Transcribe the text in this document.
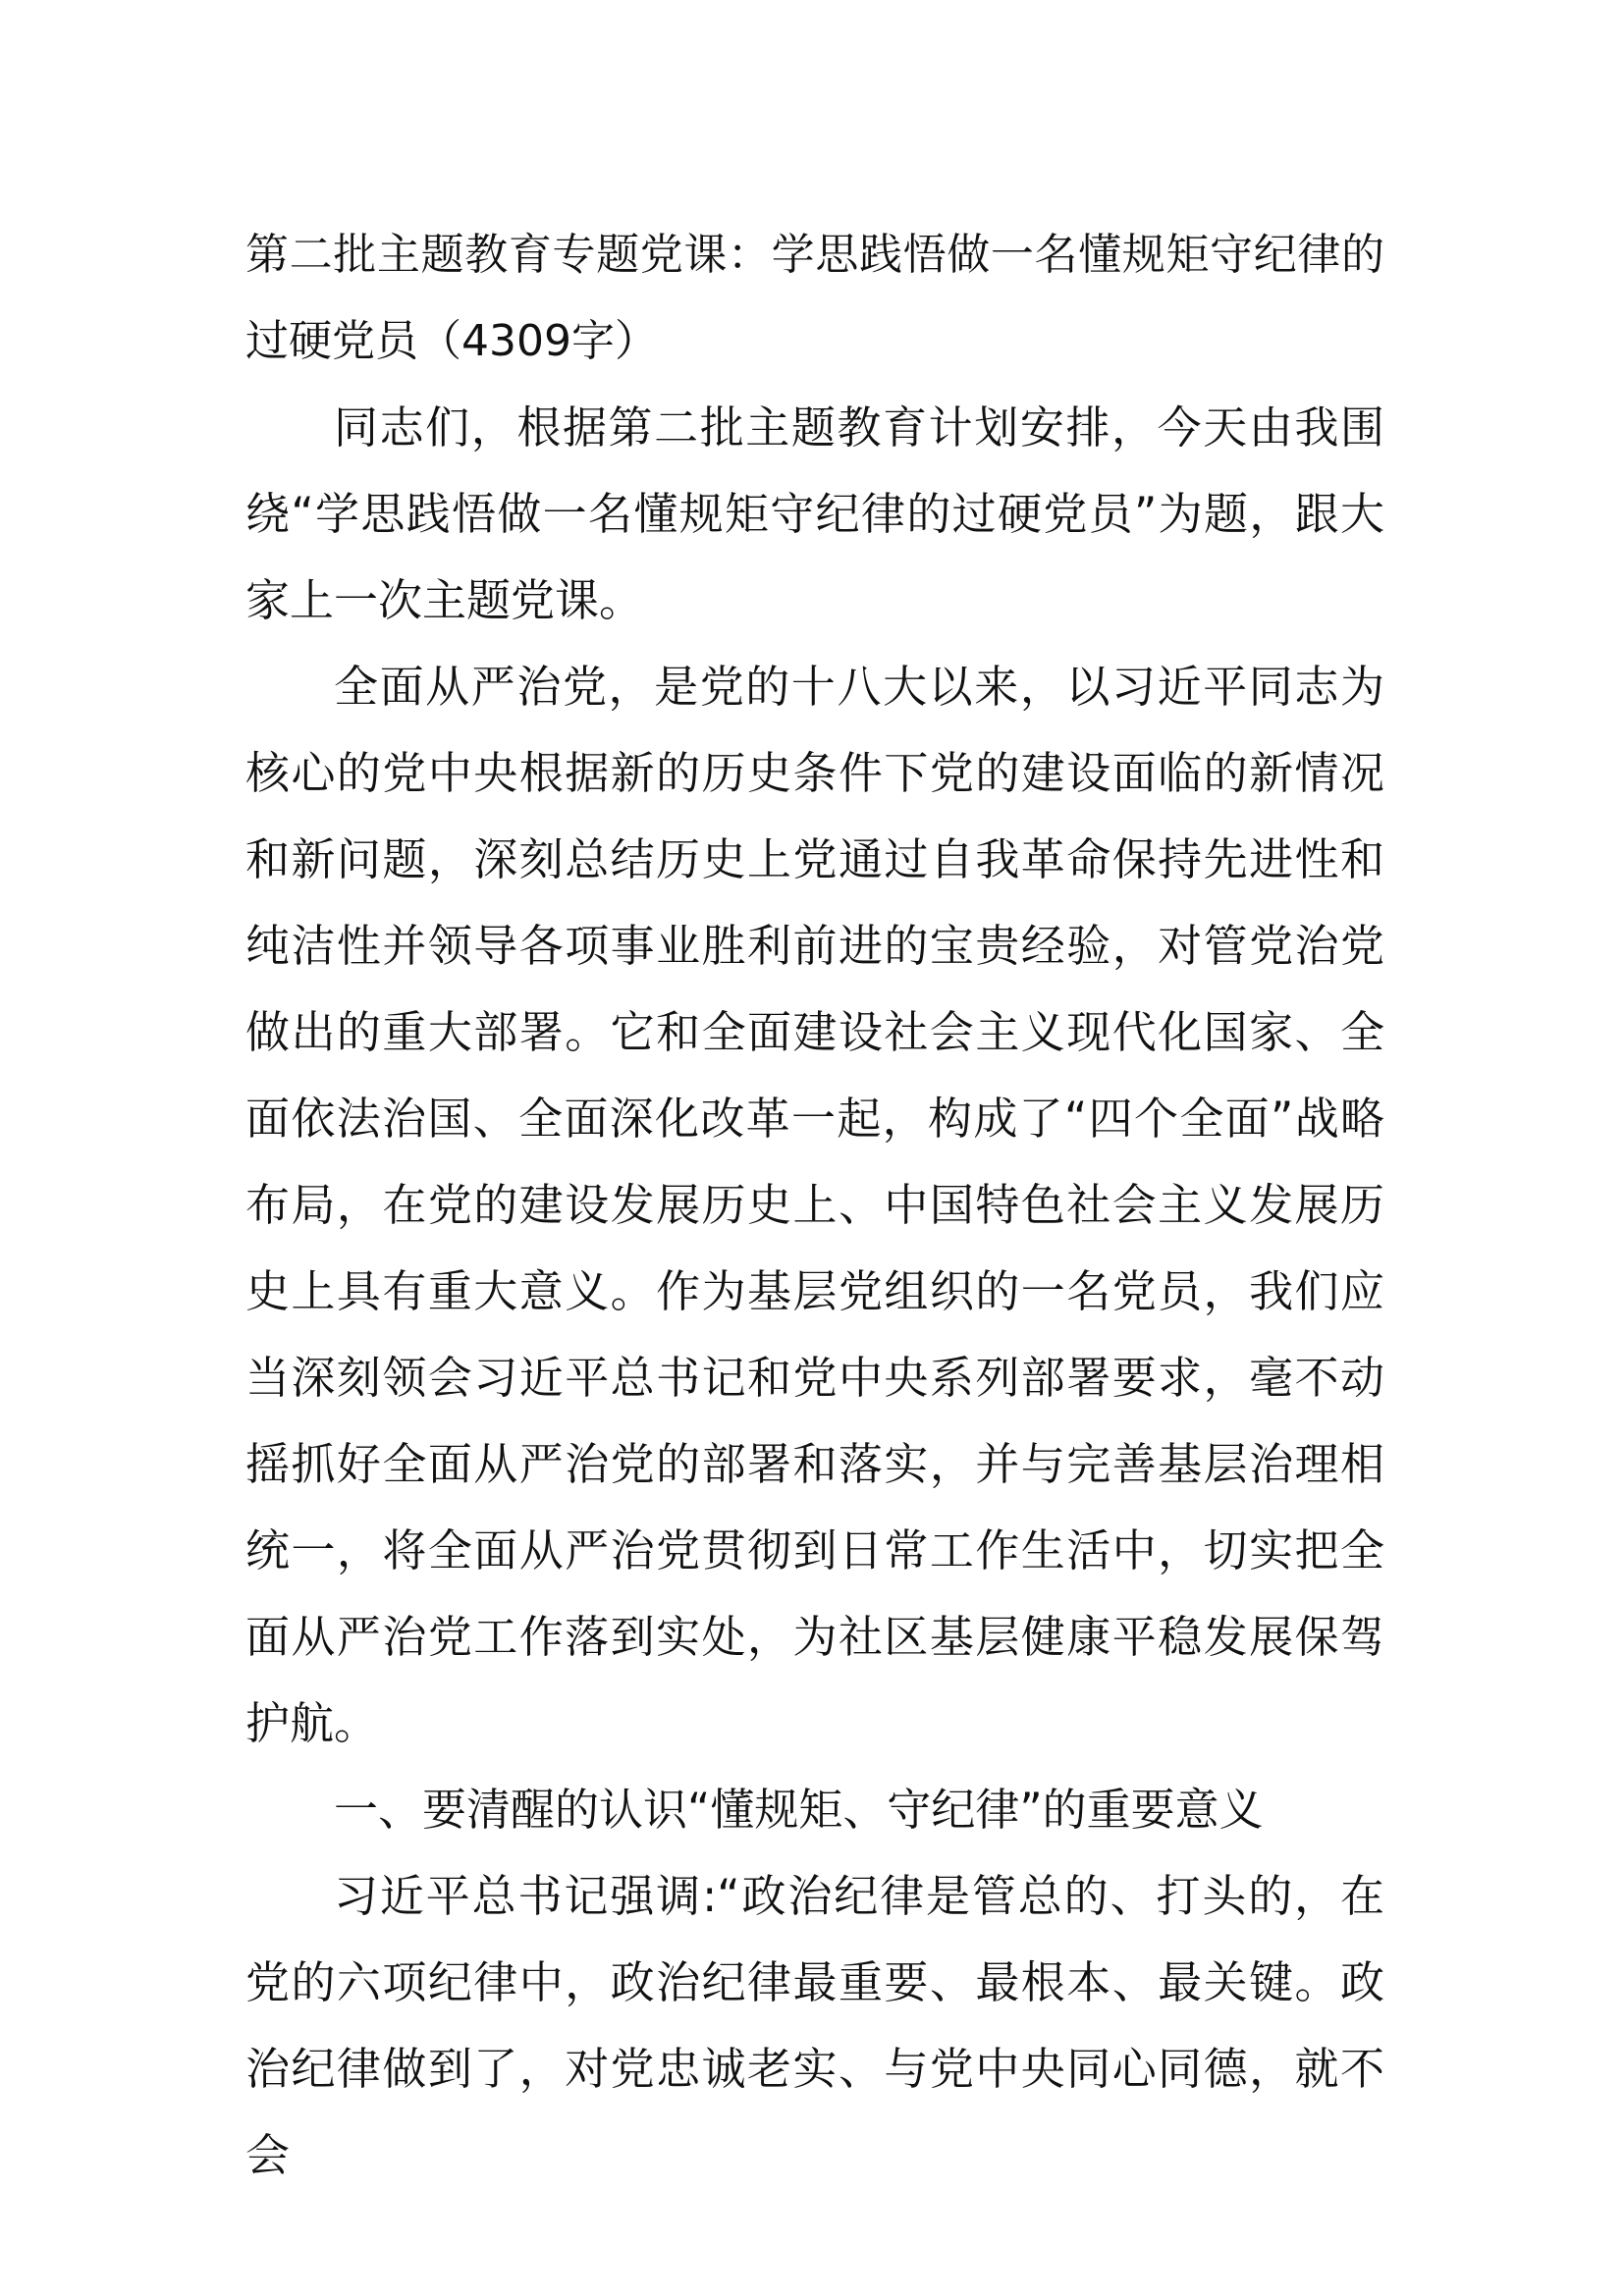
第二批主题教育专题党课：学思践悟做一名懂规矩守纪律的过硬党员（4309字）

同志们，根据第二批主题教育计划安排，今天由我围绕“学思践悟做一名懂规矩守纪律的过硬党员”为题，跟大家上一次主题党课。

全面从严治党，是党的十八大以来，以习近平同志为核心的党中央根据新的历史条件下党的建设面临的新情况和新问题，深刻总结历史上党通过自我革命保持先进性和纯洁性并领导各项事业胜利前进的宝贵经验，对管党治党做出的重大部署。它和全面建设社会主义现代化国家、全面依法治国、全面深化改革一起，构成了“四个全面”战略布局，在党的建设发展历史上、中国特色社会主义发展历史上具有重大意义。作为基层党组织的一名党员，我们应当深刻领会习近平总书记和党中央系列部署要求，毫不动摇抓好全面从严治党的部署和落实，并与完善基层治理相统一，将全面从严治党贯彻到日常工作生活中，切实把全面从严治党工作落到实处，为社区基层健康平稳发展保驾护航。

一、要清醒的认识“懂规矩、守纪律”的重要意义

习近平总书记强调:“政治纪律是管总的、打头的，在党的六项纪律中，政治纪律最重要、最根本、最关键。政治纪律做到了，对党忠诚老实、与党中央同心同德，就不会
